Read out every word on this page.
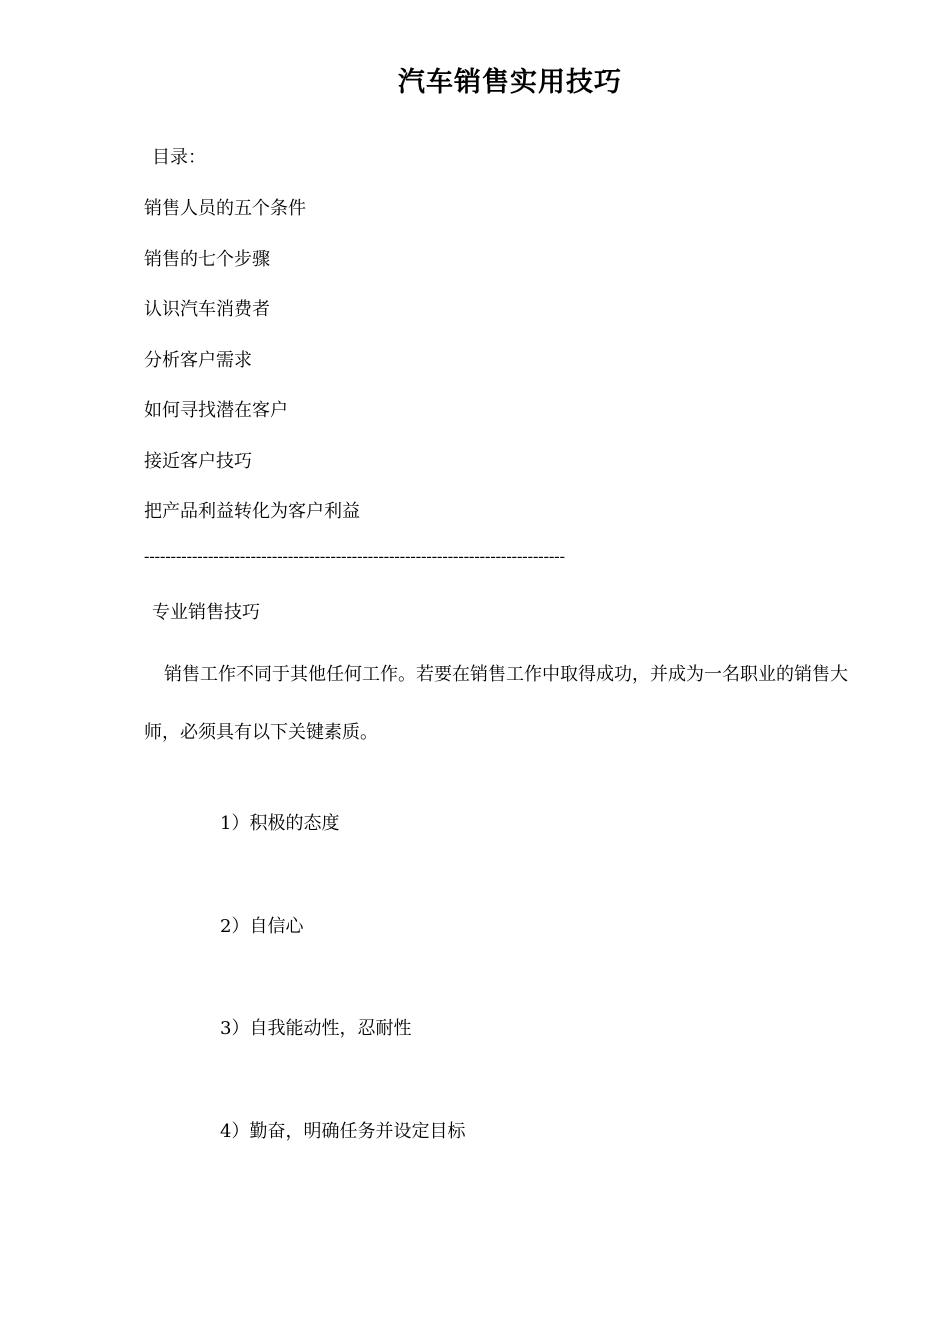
汽车销售实用技巧
目录：
销售人员的五个条件
销售的七个步骤
认识汽车消费者
分析客户需求
如何寻找潜在客户
接近客户技巧
把产品利益转化为客户利益
-------------------------------------------------------------------------------
专业销售技巧
销售工作不同于其他任何工作。若要在销售工作中取得成功，并成为一名职业的销售大师，必须具有以下关键素质。
1）积极的态度
2）自信心
3）自我能动性，忍耐性
4）勤奋，明确任务并设定目标
